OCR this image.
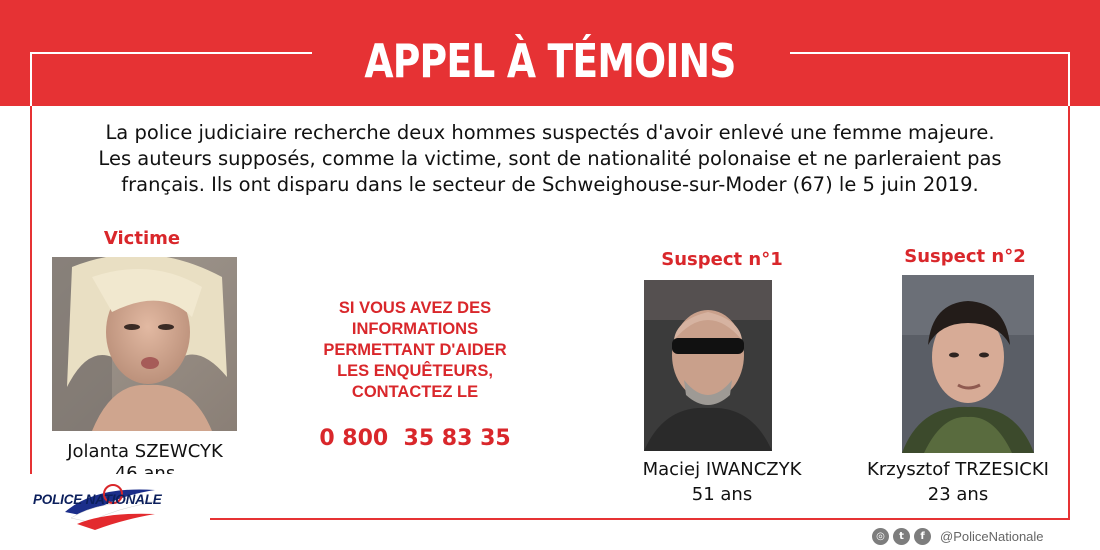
APPEL À TÉMOINS
La police judiciaire recherche deux hommes suspectés d'avoir enlevé une femme majeure.
Les auteurs supposés, comme la victime, sont de nationalité polonaise et ne parleraient pas
français. Ils ont disparu dans le secteur de Schweighouse-sur-Moder (67) le 5 juin 2019.
Victime
Jolanta SZEWCYK
SI VOUS AVEZ DES
INFORMATIONS
PERMETTANT D'AIDER
LES ENQUÊTEURS,
CONTACTEZ LE
0 800  35 83 35
Suspect n°1
Maciej IWANCZYK
51 ans
Suspect n°2
Krzysztof TRZESICKI
23 ans
POLICE NATIONALE
◎	t	f	@PoliceNationale
